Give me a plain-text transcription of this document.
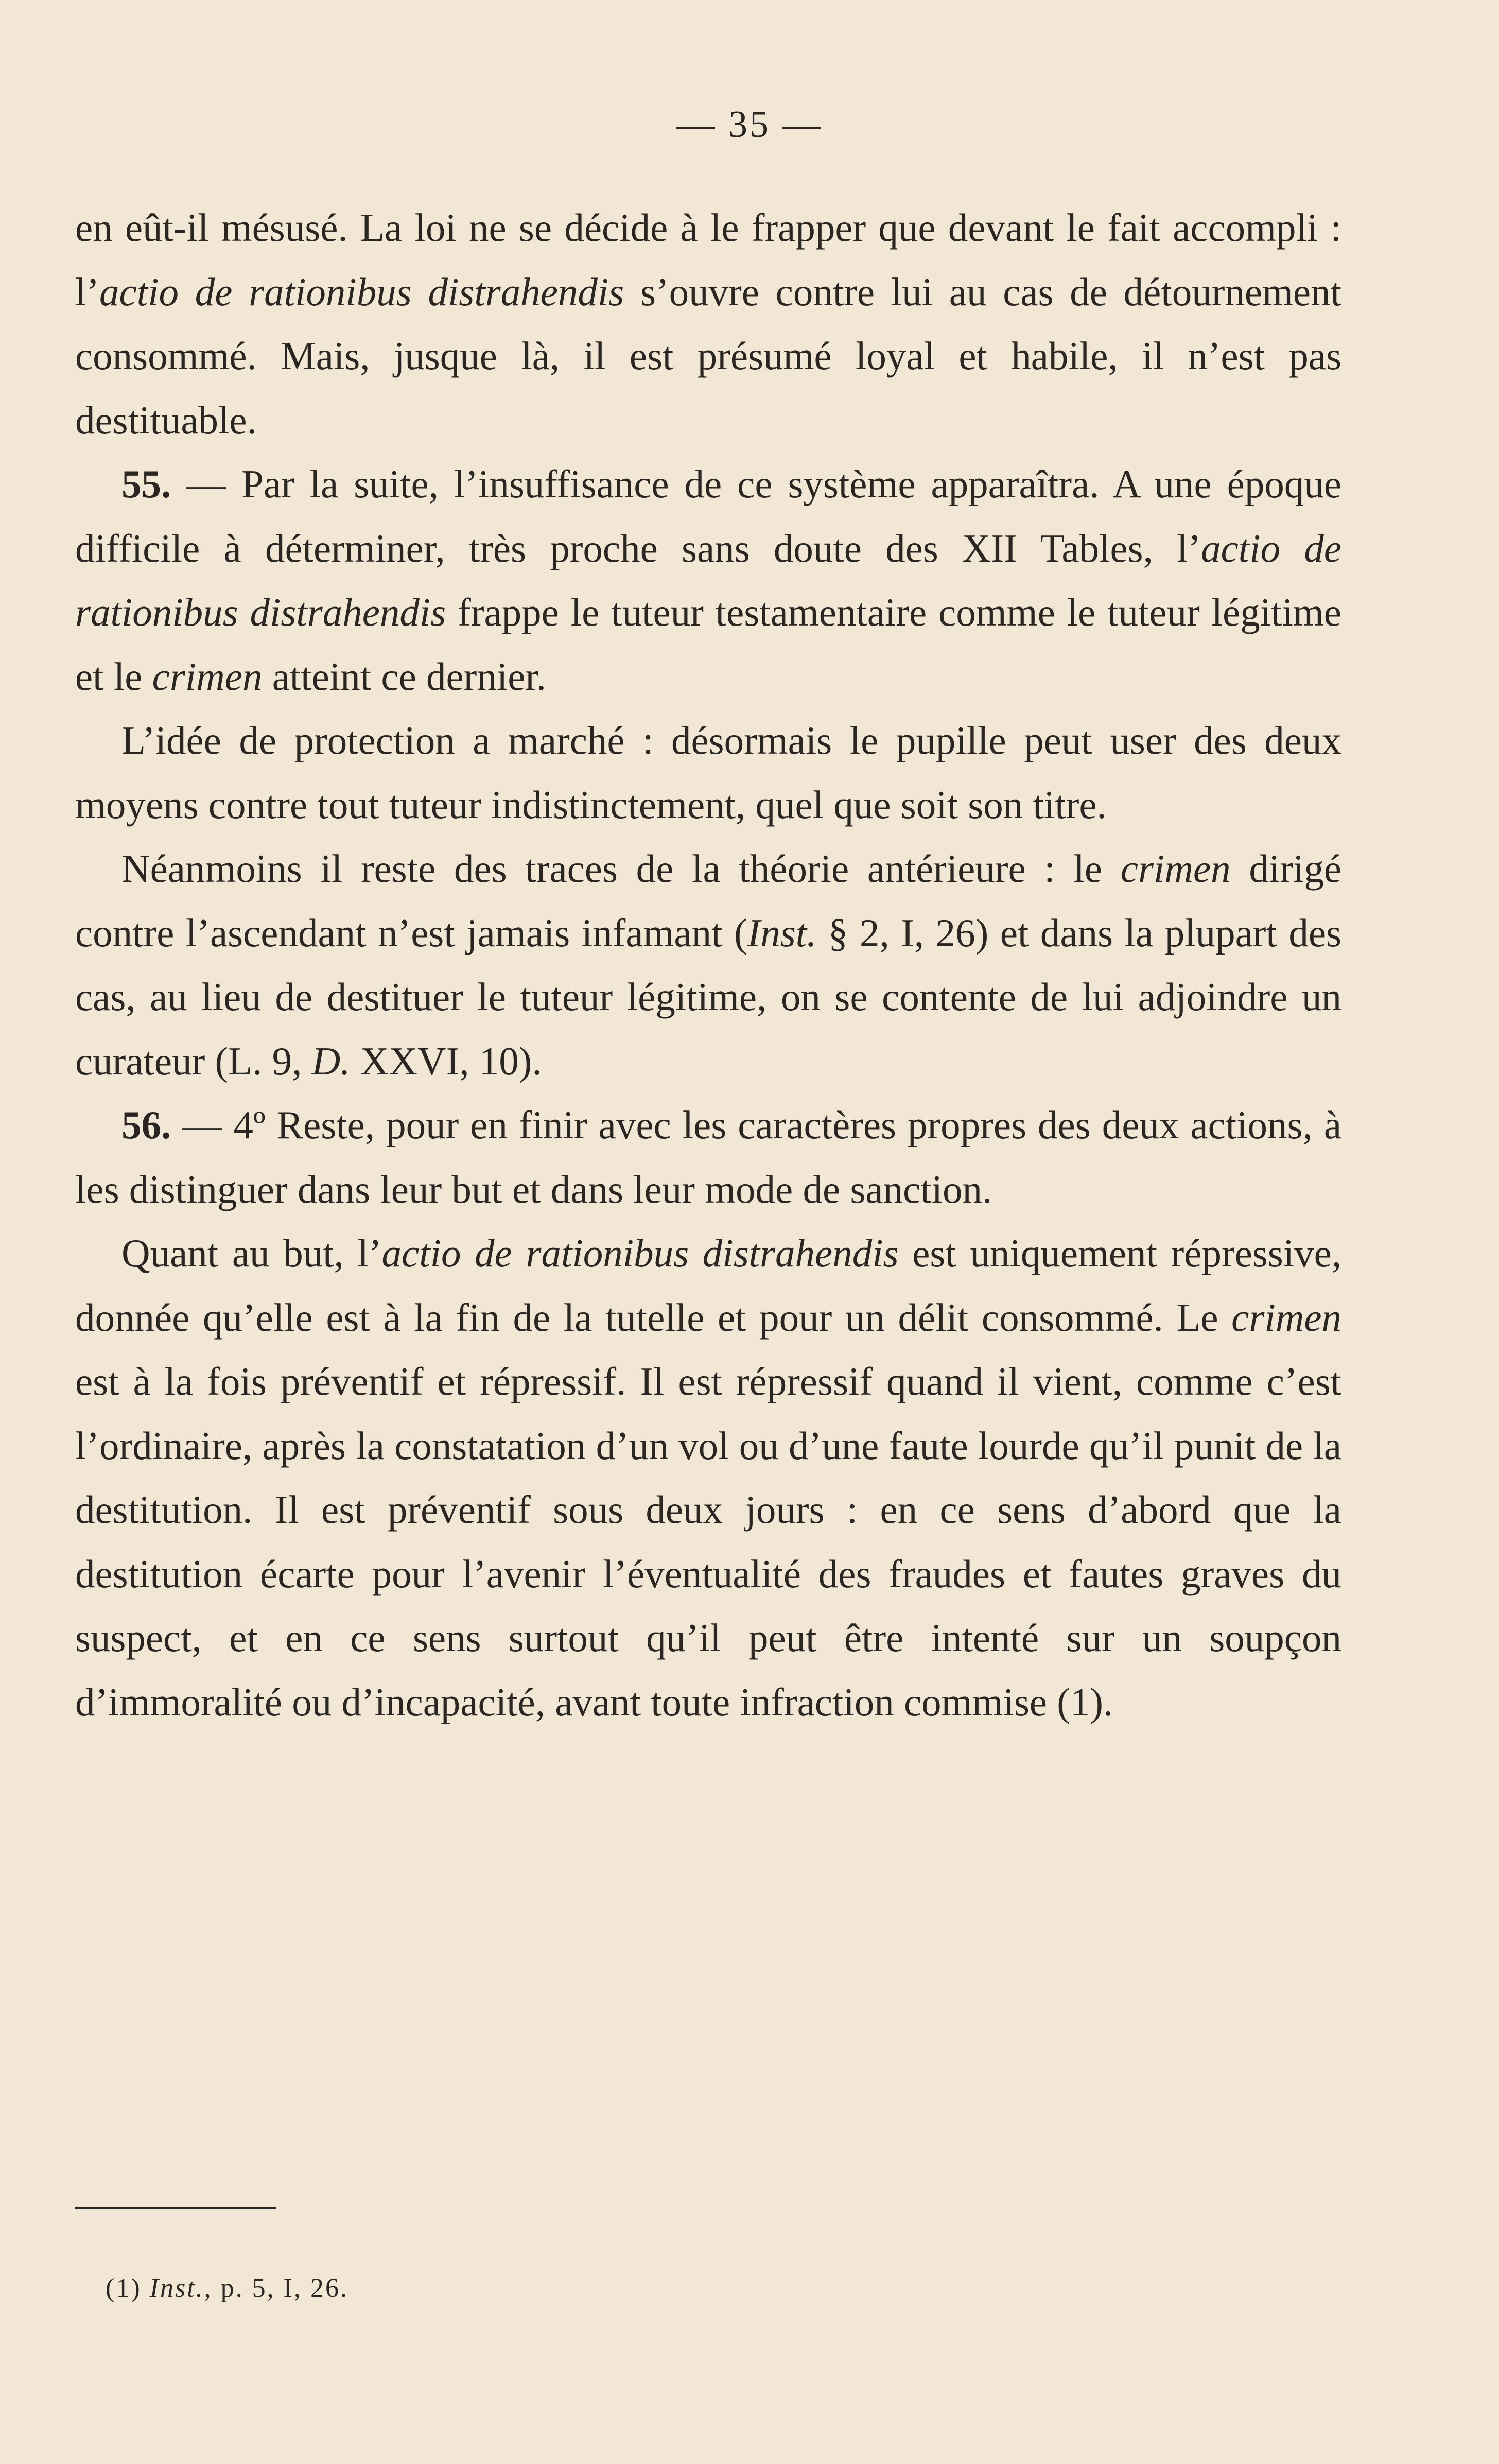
— 35 —

en eût-il mésusé. La loi ne se décide à le frapper que devant le fait accompli : l’actio de rationibus distrahendis s’ouvre contre lui au cas de détournement consommé. Mais, jusque là, il est présumé loyal et habile, il n’est pas destituable.

55. — Par la suite, l’insuffisance de ce système apparaîtra. A une époque difficile à déterminer, très proche sans doute des XII Tables, l’actio de rationibus distrahendis frappe le tuteur testamentaire comme le tuteur légitime et le crimen atteint ce dernier.

L’idée de protection a marché : désormais le pupille peut user des deux moyens contre tout tuteur indistinctement, quel que soit son titre.

Néanmoins il reste des traces de la théorie antérieure : le crimen dirigé contre l’ascendant n’est jamais infamant (Inst. § 2, I, 26) et dans la plupart des cas, au lieu de destituer le tuteur légitime, on se contente de lui adjoindre un curateur (L. 9, D. XXVI, 10).

56. — 4º Reste, pour en finir avec les caractères propres des deux actions, à les distinguer dans leur but et dans leur mode de sanction.

Quant au but, l’actio de rationibus distrahendis est uniquement répressive, donnée qu’elle est à la fin de la tutelle et pour un délit consommé. Le crimen est à la fois préventif et répressif. Il est répressif quand il vient, comme c’est l’ordinaire, après la constatation d’un vol ou d’une faute lourde qu’il punit de la destitution. Il est préventif sous deux jours : en ce sens d’abord que la destitution écarte pour l’avenir l’éventualité des fraudes et fautes graves du suspect, et en ce sens surtout qu’il peut être intenté sur un soupçon d’immoralité ou d’incapacité, avant toute infraction commise (1).

(1) Inst., p. 5, I, 26.
